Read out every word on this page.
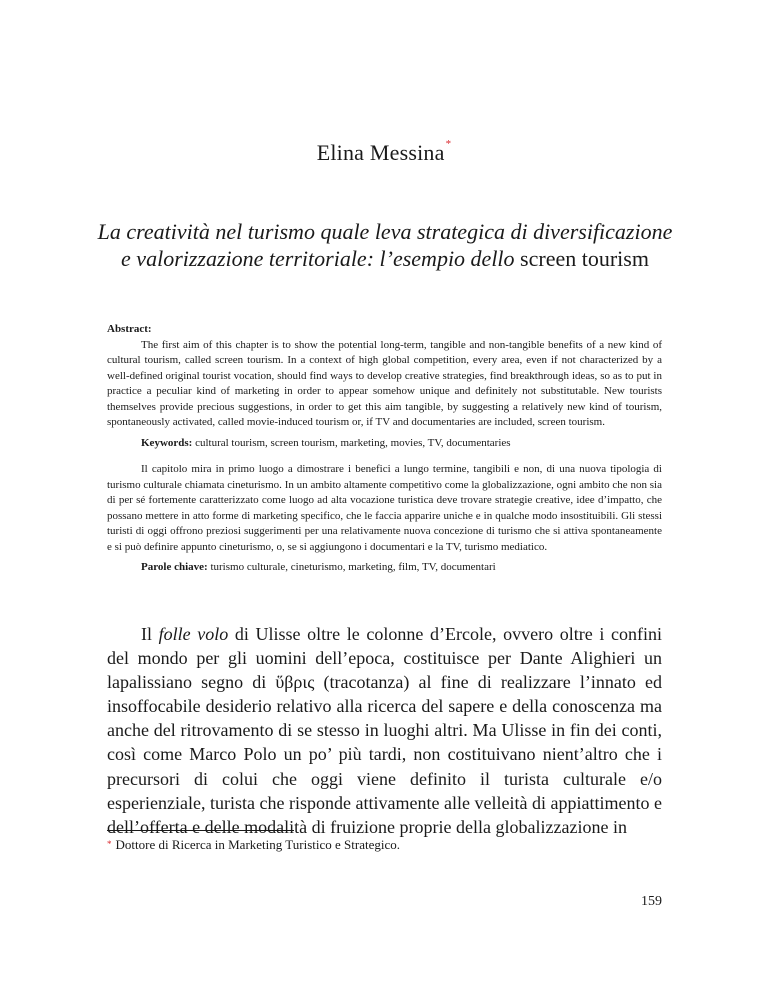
Elina Messina*
La creatività nel turismo quale leva strategica di diversificazione
e valorizzazione territoriale: l’esempio dello screen tourism
Abstract:

The first aim of this chapter is to show the potential long-term, tangible and non-tangible benefits of a new kind of cultural tourism, called screen tourism. In a context of high global competition, every area, even if not characterized by a well-defined original tourist vocation, should find ways to develop creative strategies, find breakthrough ideas, so as to put in practice a peculiar kind of marketing in order to appear somehow unique and definitely not substitutable. New tourists themselves provide precious suggestions, in order to get this aim tangible, by suggesting a relatively new kind of tourism, spontaneously activated, called movie-induced tourism or, if TV and documentaries are included, screen tourism.

Keywords: cultural tourism, screen tourism, marketing, movies, TV, documentaries

Il capitolo mira in primo luogo a dimostrare i benefici a lungo termine, tangibili e non, di una nuova tipologia di turismo culturale chiamata cineturismo. In un ambito altamente competitivo come la globalizzazione, ogni ambito che non sia di per sé fortemente caratterizzato come luogo ad alta vocazione turistica deve trovare strategie creative, idee d’impatto, che possano mettere in atto forme di marketing specifico, che le faccia apparire uniche e in qualche modo insostituibili. Gli stessi turisti di oggi offrono preziosi suggerimenti per una relativamente nuova concezione di turismo che si attiva spontaneamente e si può definire appunto cineturismo, o, se si aggiungono i documentari e la TV, turismo mediatico.

Parole chiave: turismo culturale, cineturismo, marketing, film, TV, documentari

Il folle volo di Ulisse oltre le colonne d’Ercole, ovvero oltre i confini del mondo per gli uomini dell’epoca, costituisce per Dante Alighieri un lapalissiano segno di ὕβρις (tracotanza) al fine di realizzare l’innato ed insoffocabile desiderio relativo alla ricerca del sapere e della conoscenza ma anche del ritrovamento di se stesso in luoghi altri. Ma Ulisse in fin dei conti, così come Marco Polo un po’ più tardi, non costituivano nient’altro che i precursori di colui che oggi viene definito il turista culturale e/o esperienziale, turista che risponde attivamente alle velleità di appiattimento e dell’offerta e delle modalità di fruizione proprie della globalizzazione in

* Dottore di Ricerca in Marketing Turistico e Strategico.
159
